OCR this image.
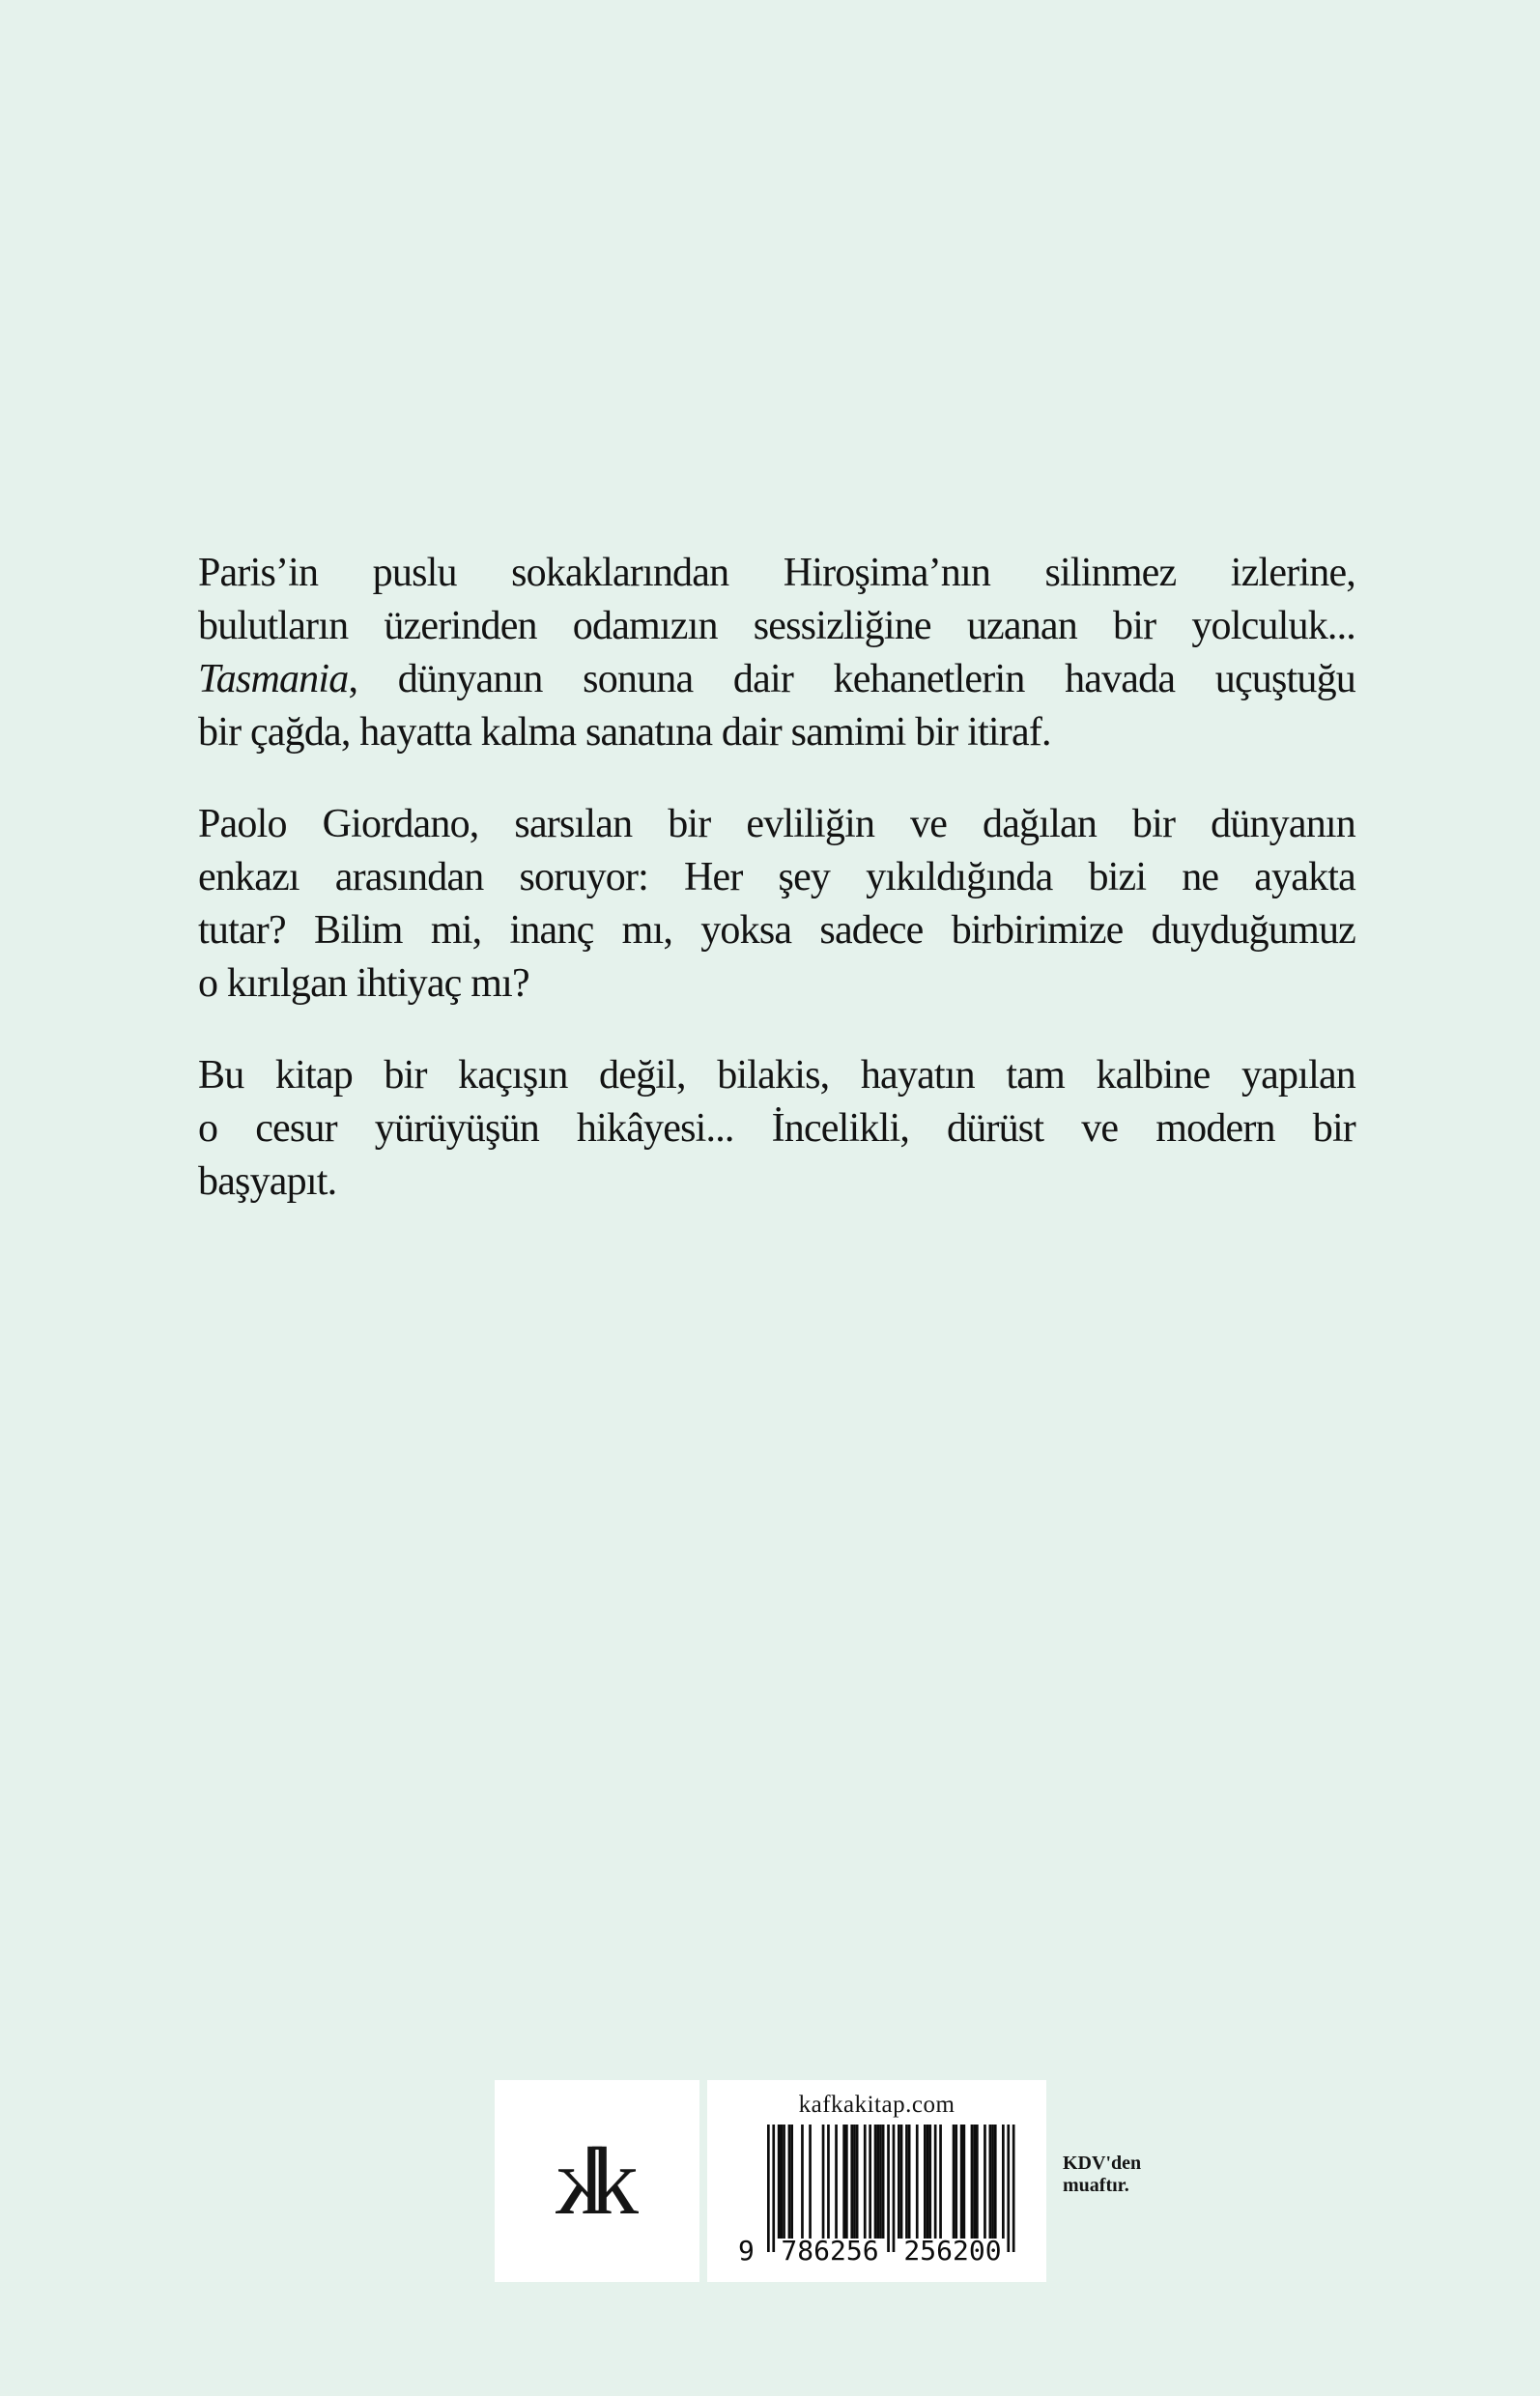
Paris’in puslu sokaklarından Hiroşima’nın silinmez izlerine,
bulutların üzerinden odamızın sessizliğine uzanan bir yolculuk...
Tasmania, dünyanın sonuna dair kehanetlerin havada uçuştuğu
bir çağda, hayatta kalma sanatına dair samimi bir itiraf.
Paolo Giordano, sarsılan bir evliliğin ve dağılan bir dünyanın
enkazı arasından soruyor: Her şey yıkıldığında bizi ne ayakta
tutar? Bilim mi, inanç mı, yoksa sadece birbirimize duyduğumuz
o kırılgan ihtiyaç mı?
Bu kitap bir kaçışın değil, bilakis, hayatın tam kalbine yapılan
o cesur yürüyüşün hikâyesi... İncelikli, dürüst ve modern bir
başyapıt.
k
k
kafkakitap.com
9 786256 256200
KDV'den
muaftır.
